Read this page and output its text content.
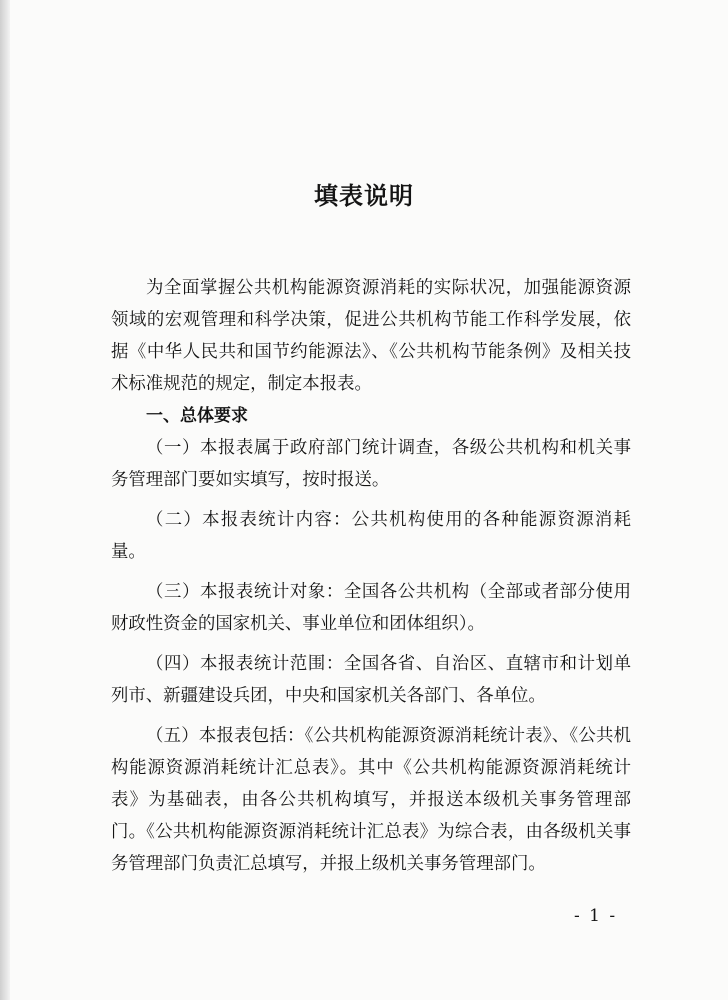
填表说明

为全面掌握公共机构能源资源消耗的实际状况，加强能源资源领域的宏观管理和科学决策，促进公共机构节能工作科学发展，依据《中华人民共和国节约能源法》、《公共机构节能条例》及相关技术标准规范的规定，制定本报表。

一、总体要求

（一）本报表属于政府部门统计调查，各级公共机构和机关事务管理部门要如实填写，按时报送。

（二）本报表统计内容：公共机构使用的各种能源资源消耗量。

（三）本报表统计对象：全国各公共机构（全部或者部分使用财政性资金的国家机关、事业单位和团体组织）。

（四）本报表统计范围：全国各省、自治区、直辖市和计划单列市、新疆建设兵团，中央和国家机关各部门、各单位。

（五）本报表包括：《公共机构能源资源消耗统计表》、《公共机构能源资源消耗统计汇总表》。其中《公共机构能源资源消耗统计表》为基础表，由各公共机构填写，并报送本级机关事务管理部门。《公共机构能源资源消耗统计汇总表》为综合表，由各级机关事务管理部门负责汇总填写，并报上级机关事务管理部门。

- 1 -
